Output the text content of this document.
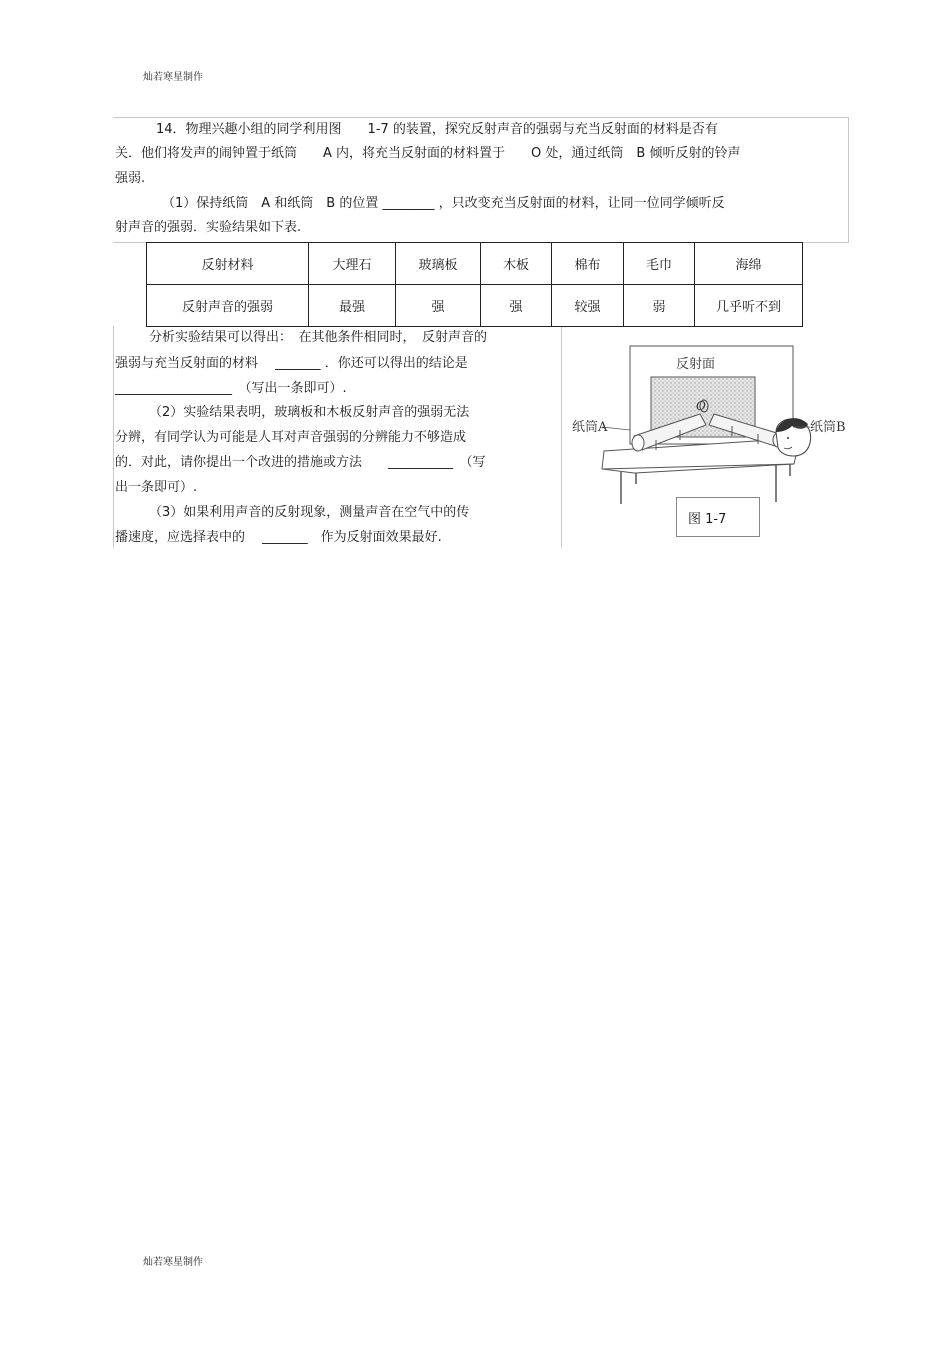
灿若寒星制作
灿若寒星制作
14．物理兴趣小组的同学利用图　　1-7 的装置，探究反射声音的强弱与充当反射面的材料是否有
关．他们将发声的闹钟置于纸筒　　A 内，将充当反射面的材料置于　　O 处，通过纸筒　B 倾听反射的铃声
强弱.
（1）保持纸筒　A 和纸筒　B 的位置 ________ ，只改变充当反射面的材料，让同一位同学倾听反
射声音的强弱．实验结果如下表.
反射材料	大理石	玻璃板	木板	棉布	毛巾	海绵
反射声音的强弱	最强	强	强	较强	弱	几乎听不到
分析实验结果可以得出：　在其他条件相同时，　反射声音的
强弱与充当反射面的材料　 _______ ．你还可以得出的结论是
__________________　（写出一条即可）.
（2）实验结果表明，玻璃板和木板反射声音的强弱无法
分辨，有同学认为可能是人耳对声音强弱的分辨能力不够造成
的．对此，请你提出一个改进的措施或方法　　__________　（写
出一条即可）.
（3）如果利用声音的反射现象，测量声音在空气中的传
播速度，应选择表中的　 _______　作为反射面效果最好.
反射面
O
纸筒A	纸筒B
图 1-7
